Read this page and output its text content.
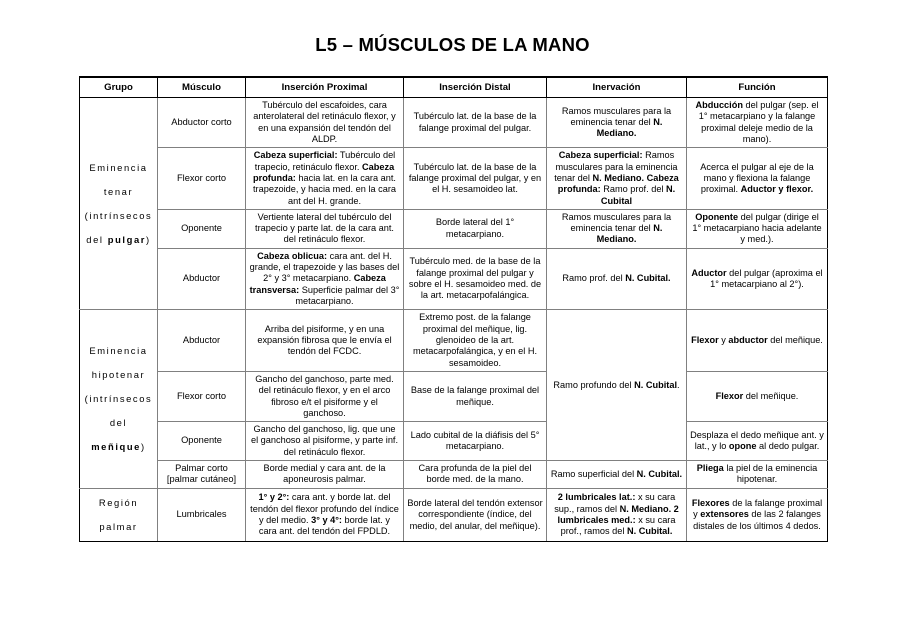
L5 – MÚSCULOS DE LA MANO
Grupo	Músculo	Inserción Proximal	Inserción Distal	Inervación	Función

Eminencia
tenar
(intrínsecos
del pulgar)	Abductor corto	Tubérculo del escafoides, cara anterolateral del retináculo flexor, y en una expansión del tendón del ALDP.	Tubérculo lat. de la base de la falange proximal del pulgar.	Ramos musculares para la eminencia tenar del N. Mediano.	Abducción del pulgar (sep. el 1° metacarpiano y la falange proximal deleje medio de la mano).
	Flexor corto	Cabeza superficial: Tubérculo del trapecio, retináculo flexor. Cabeza profunda: hacia lat. en la cara ant. trapezoide, y hacia med. en la cara ant del H. grande.	Tubérculo lat. de la base de la falange proximal del pulgar, y en el H. sesamoideo lat.	Cabeza superficial: Ramos musculares para la eminencia tenar del N. Mediano. Cabeza profunda: Ramo prof. del N. Cubital	Acerca el pulgar al eje de la mano y flexiona la falange proximal. Aductor y flexor.
	Oponente	Vertiente lateral del tubérculo del trapecio y parte lat. de la cara ant. del retináculo flexor.	Borde lateral del 1° metacarpiano.	Ramos musculares para la eminencia tenar del N. Mediano.	Oponente del pulgar (dirige el 1° metacarpiano hacia adelante y med.).
	Abductor	Cabeza oblicua: cara ant. del H. grande, el trapezoide y las bases del 2° y 3° metacarpiano. Cabeza transversa: Superficie palmar del 3° metacarpiano.	Tubérculo med. de la base de la falange proximal del pulgar y sobre el H. sesamoideo med. de la art. metacarpofalángica.	Ramo prof. del N. Cubital.	Aductor del pulgar (aproxima el 1° metacarpiano al 2°).

Eminencia
hipotenar
(intrínsecos
del
meñique)	Abductor	Arriba del pisiforme, y en una expansión fibrosa que le envía el tendón del FCDC.	Extremo post. de la falange proximal del meñique, lig. glenoideo de la art. metacarpofalángica, y en el H. sesamoideo.	Ramo profundo del N. Cubital.	Flexor y abductor del meñique.
	Flexor corto	Gancho del ganchoso, parte med. del retináculo flexor, y en el arco fibroso e/t el pisiforme y el ganchoso.	Base de la falange proximal del meñique.		Flexor del meñique.
	Oponente	Gancho del ganchoso, lig. que une el ganchoso al pisiforme, y parte inf. del retináculo flexor.	Lado cubital de la diáfisis del 5° metacarpiano.		Desplaza el dedo meñique ant. y lat., y lo opone al dedo pulgar.
	Palmar corto
[palmar cutáneo]	Borde medial y cara ant. de la aponeurosis palmar.	Cara profunda de la piel del borde med. de la mano.	Ramo superficial del N. Cubital.	Pliega la piel de la eminencia hipotenar.

Región
palmar	Lumbricales	1° y 2°: cara ant. y borde lat. del tendón del flexor profundo del índice y del medio. 3° y 4°: borde lat. y cara ant. del tendón del FPDLD.	Borde lateral del tendón extensor correspondiente (índice, del medio, del anular, del meñique).	2 lumbricales lat.: x su cara sup., ramos del N. Mediano. 2 lumbricales med.: x su cara prof., ramos del N. Cubital.	Flexores de la falange proximal y extensores de las 2 falanges distales de los últimos 4 dedos.
